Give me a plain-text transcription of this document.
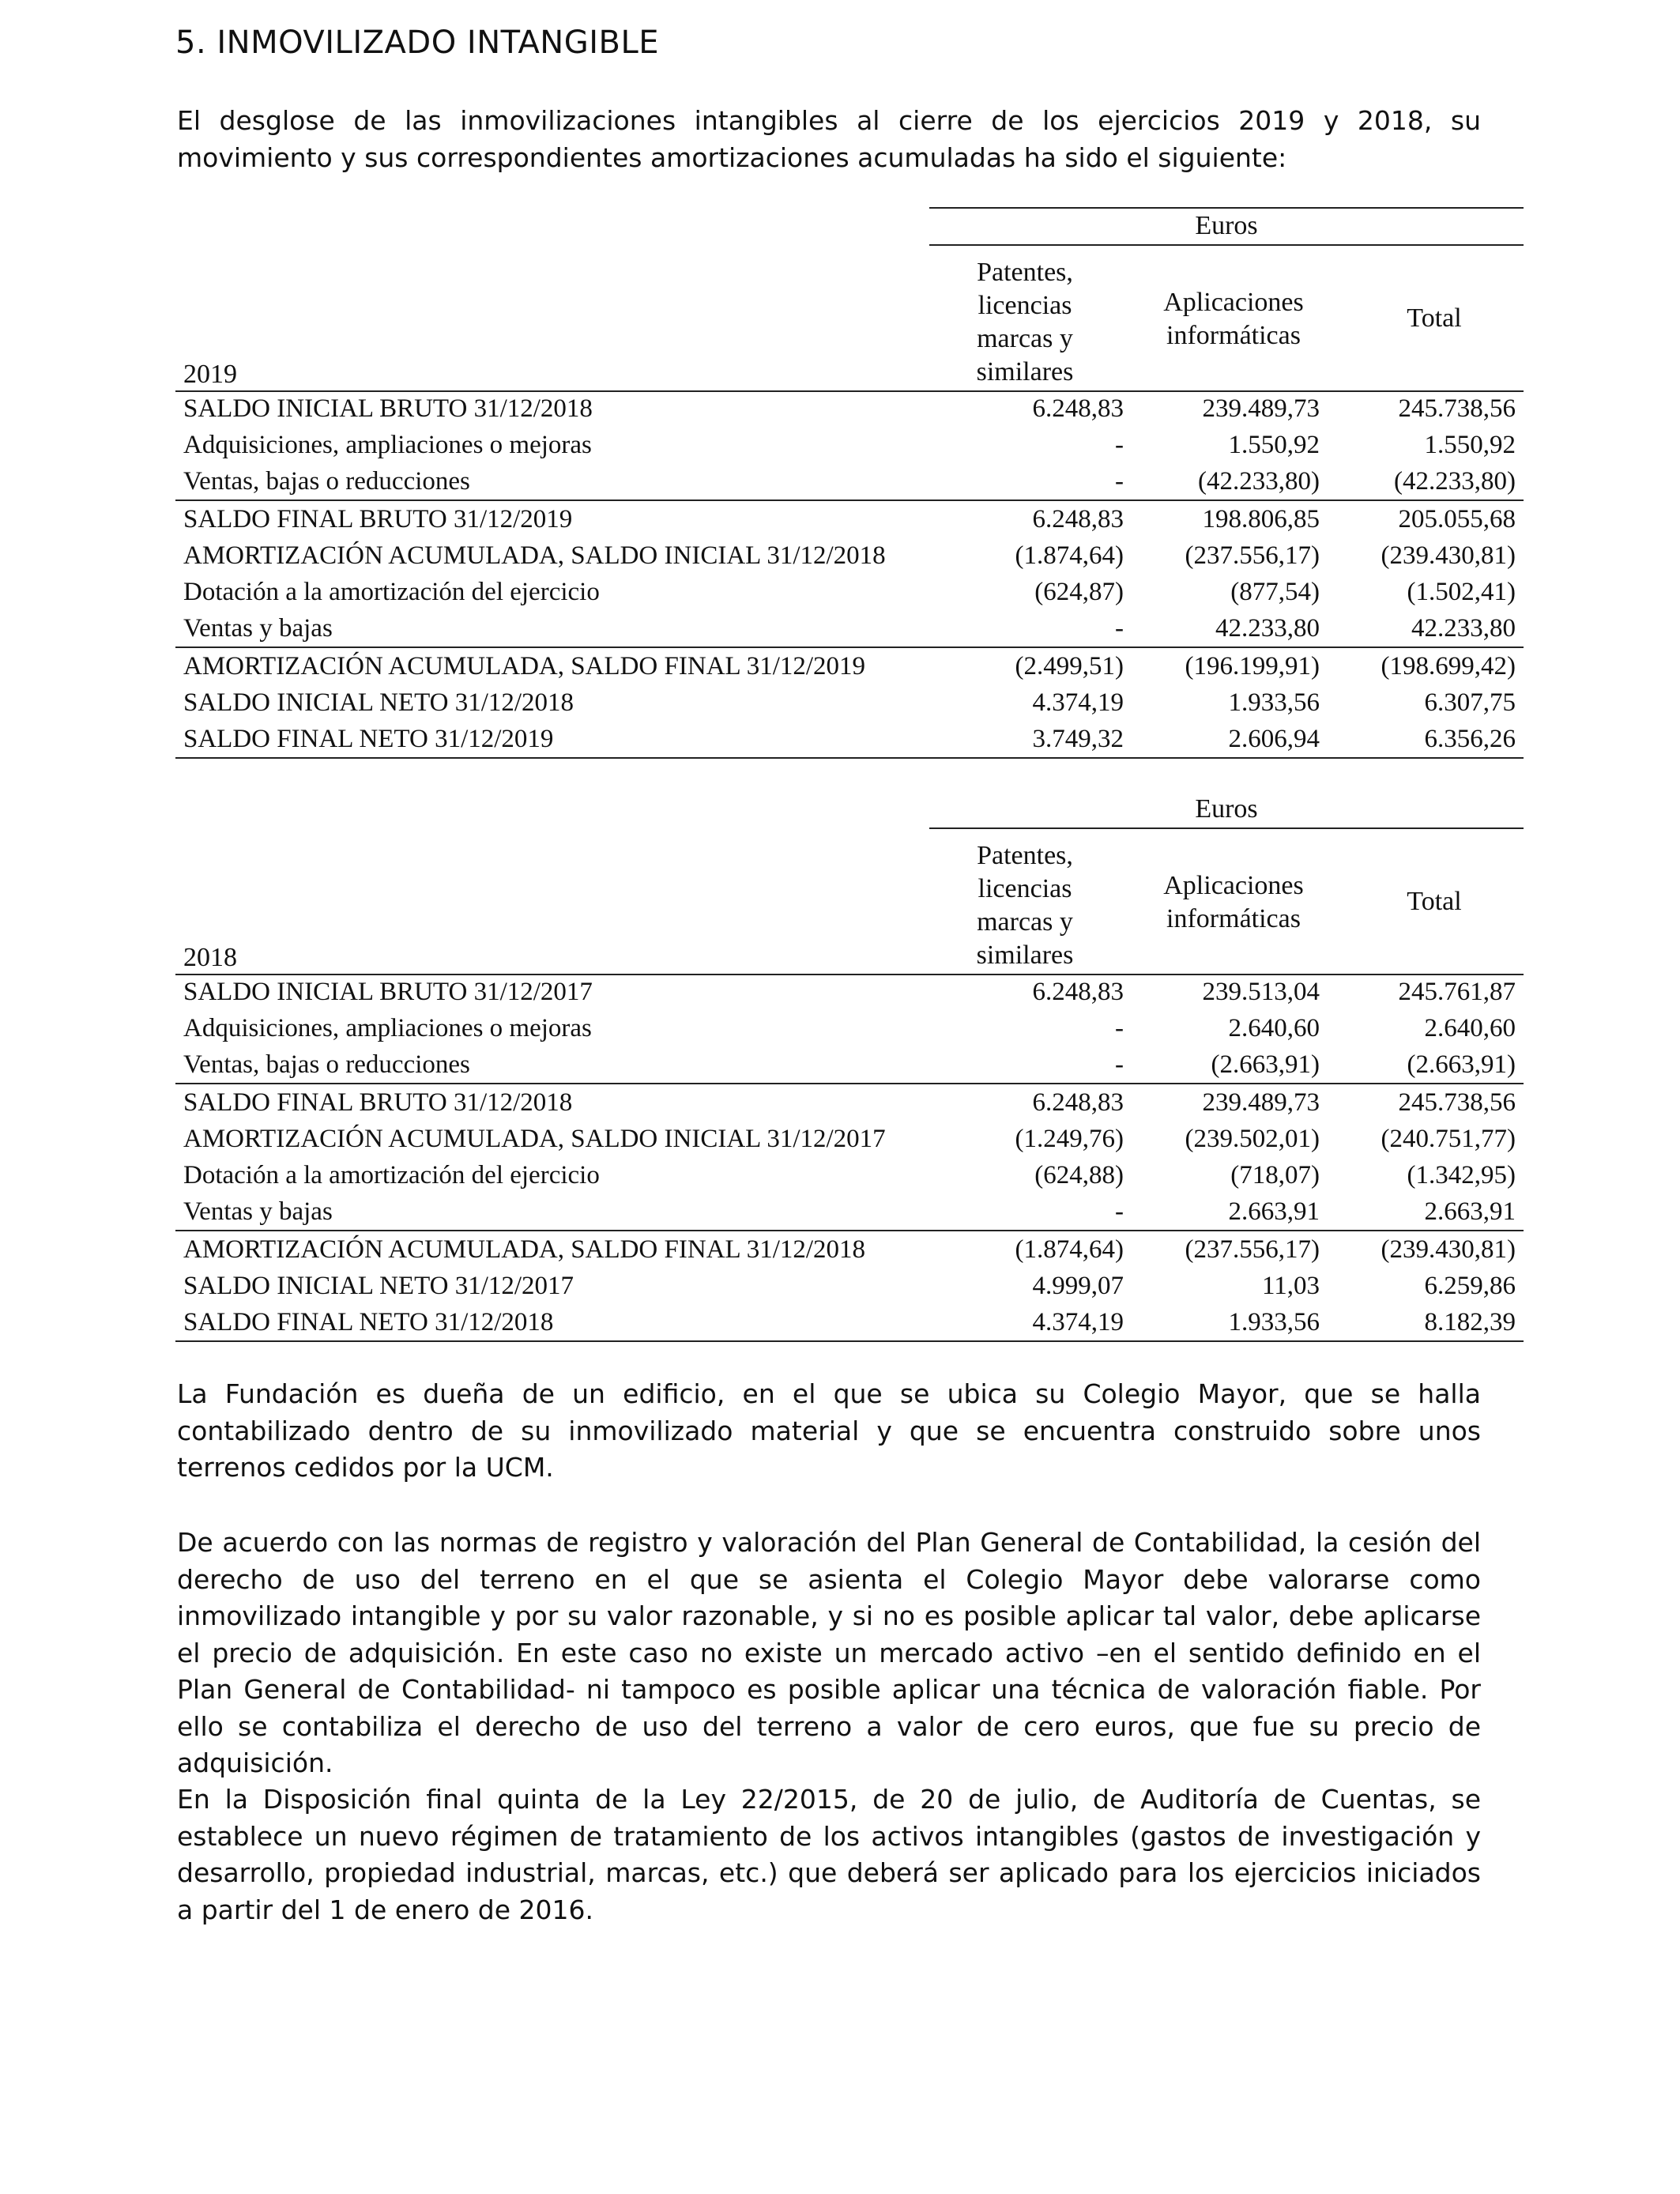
5. INMOVILIZADO INTANGIBLE
El desglose de las inmovilizaciones intangibles al cierre de los ejercicios 2019 y 2018, su movimiento y sus correspondientes amortizaciones acumuladas ha sido el siguiente:
Euros
Patentes,
licencias
marcas y
similares
Aplicaciones
informáticas
Total
2019
SALDO INICIAL BRUTO 31/12/2018	6.248,83	239.489,73	245.738,56
Adquisiciones, ampliaciones o mejoras	-	1.550,92	1.550,92
Ventas, bajas o reducciones	-	(42.233,80)	(42.233,80)
SALDO FINAL BRUTO 31/12/2019	6.248,83	198.806,85	205.055,68
AMORTIZACIÓN ACUMULADA, SALDO INICIAL 31/12/2018	(1.874,64) (237.556,17) (239.430,81)
Dotación a la amortización del ejercicio	(624,87)	(877,54)	(1.502,41)
Ventas y bajas	-	42.233,80	42.233,80
AMORTIZACIÓN ACUMULADA, SALDO FINAL 31/12/2019	(2.499,51) (196.199,91) (198.699,42)
SALDO INICIAL NETO 31/12/2018	4.374,19	1.933,56	6.307,75
SALDO FINAL NETO 31/12/2019	3.749,32	2.606,94	6.356,26
Euros
Patentes,
licencias
marcas y
similares
Aplicaciones
informáticas
Total
2018
SALDO INICIAL BRUTO 31/12/2017	6.248,83	239.513,04	245.761,87
Adquisiciones, ampliaciones o mejoras	-	2.640,60	2.640,60
Ventas, bajas o reducciones	-	(2.663,91)	(2.663,91)
SALDO FINAL BRUTO 31/12/2018	6.248,83	239.489,73	245.738,56
AMORTIZACIÓN ACUMULADA, SALDO INICIAL 31/12/2017	(1.249,76) (239.502,01) (240.751,77)
Dotación a la amortización del ejercicio	(624,88)	(718,07)	(1.342,95)
Ventas y bajas	-	2.663,91	2.663,91
AMORTIZACIÓN ACUMULADA, SALDO FINAL 31/12/2018	(1.874,64) (237.556,17) (239.430,81)
SALDO INICIAL NETO 31/12/2017	4.999,07	11,03	6.259,86
SALDO FINAL NETO 31/12/2018	4.374,19	1.933,56	8.182,39
La Fundación es dueña de un edificio, en el que se ubica su Colegio Mayor, que se halla contabilizado dentro de su inmovilizado material y que se encuentra construido sobre unos terrenos cedidos por la UCM.
De acuerdo con las normas de registro y valoración del Plan General de Contabilidad, la cesión del derecho de uso del terreno en el que se asienta el Colegio Mayor debe valorarse como inmovilizado intangible y por su valor razonable, y si no es posible aplicar tal valor, debe aplicarse el precio de adquisición. En este caso no existe un mercado activo –en el sentido definido en el Plan General de Contabilidad- ni tampoco es posible aplicar una técnica de valoración fiable. Por ello se contabiliza el derecho de uso del terreno a valor de cero euros, que fue su precio de adquisición.
En la Disposición final quinta de la Ley 22/2015, de 20 de julio, de Auditoría de Cuentas, se establece un nuevo régimen de tratamiento de los activos intangibles (gastos de investigación y desarrollo, propiedad industrial, marcas, etc.) que deberá ser aplicado para los ejercicios iniciados a partir del 1 de enero de 2016.
